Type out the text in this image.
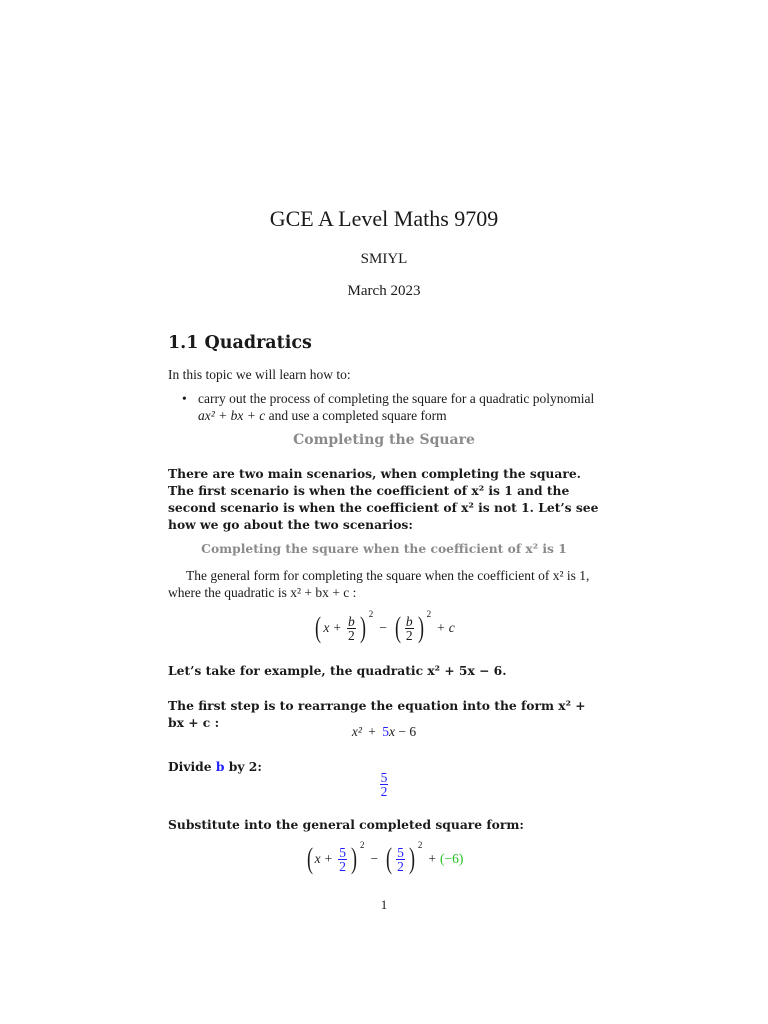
GCE A Level Maths 9709
SMIYL
March 2023
1.1 Quadratics
In this topic we will learn how to:
• carry out the process of completing the square for a quadratic polynomial
ax² + bx + c and use a completed square form
Completing the Square
There are two main scenarios, when completing the square. The first scenario is when the coefficient of x² is 1 and the second scenario is when the coefficient of x² is not 1. Let’s see how we go about the two scenarios:
Completing the square when the coefficient of x² is 1
The general form for completing the square when the coefficient of x² is 1, where the quadratic is x² + bx + c :
( $x + \frac{b}{2}$ ) 2
− ( $\frac{b}{2}$ ) 2
+ c
Let’s take for example, the quadratic x² + 5x − 6.
The first step is to rearrange the equation into the form x² + bx + c :
x² + 5x − 6
Divide b by 2:
$\frac{5}{2}$
Substitute into the general completed square form:
( $x + \frac{5}{2}$ ) 2
− ( $\frac{5}{2}$ ) 2
+ (−6)
1
